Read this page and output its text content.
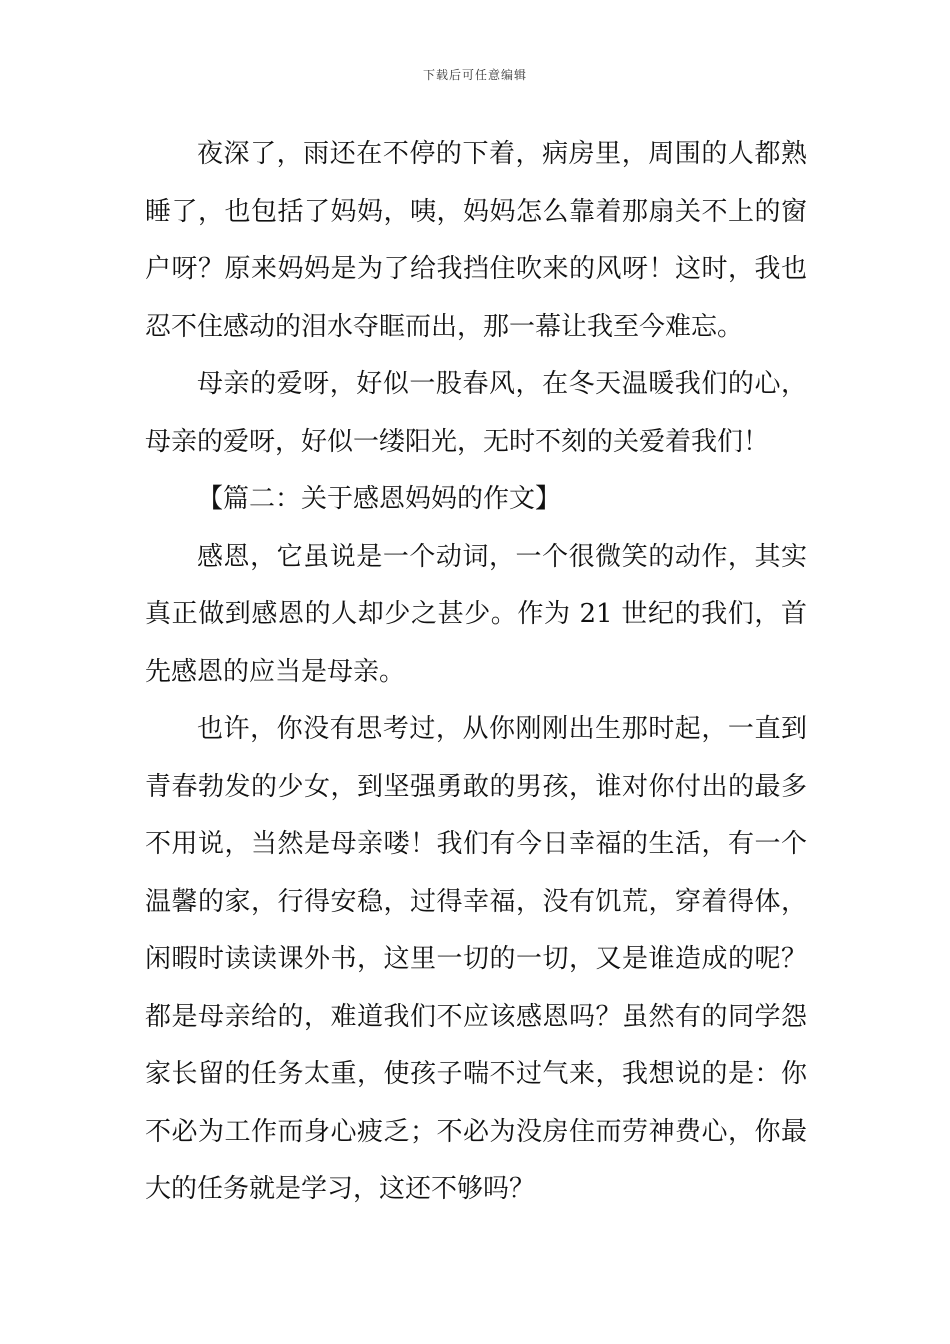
下载后可任意编辑

夜深了，雨还在不停的下着，病房里，周围的人都熟睡了，也包括了妈妈，咦，妈妈怎么靠着那扇关不上的窗户呀？原来妈妈是为了给我挡住吹来的风呀！这时，我也忍不住感动的泪水夺眶而出，那一幕让我至今难忘。

母亲的爱呀，好似一股春风，在冬天温暖我们的心，母亲的爱呀，好似一缕阳光，无时不刻的关爱着我们！

【篇二：关于感恩妈妈的作文】

感恩，它虽说是一个动词，一个很微笑的动作，其实真正做到感恩的人却少之甚少。作为 21 世纪的我们，首先感恩的应当是母亲。

也许，你没有思考过，从你刚刚出生那时起，一直到青春勃发的少女，到坚强勇敢的男孩，谁对你付出的最多不用说，当然是母亲喽！我们有今日幸福的生活，有一个温馨的家，行得安稳，过得幸福，没有饥荒，穿着得体，闲暇时读读课外书，这里一切的一切，又是谁造成的呢？都是母亲给的，难道我们不应该感恩吗？虽然有的同学怨家长留的任务太重，使孩子喘不过气来，我想说的是：你不必为工作而身心疲乏；不必为没房住而劳神费心，你最大的任务就是学习，这还不够吗？
